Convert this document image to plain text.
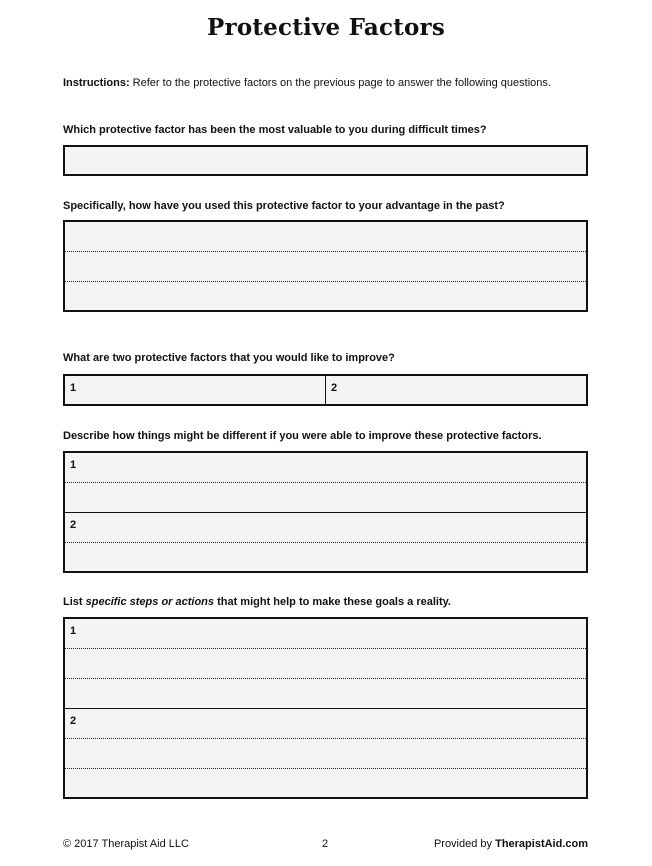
Protective Factors
Instructions: Refer to the protective factors on the previous page to answer the following questions.
Which protective factor has been the most valuable to you during difficult times?
Specifically, how have you used this protective factor to your advantage in the past?
What are two protective factors that you would like to improve?
1	2
Describe how things might be different if you were able to improve these protective factors.
1
2
List specific steps or actions that might help to make these goals a reality.
1
2
© 2017 Therapist Aid LLC	2	Provided by TherapistAid.com
